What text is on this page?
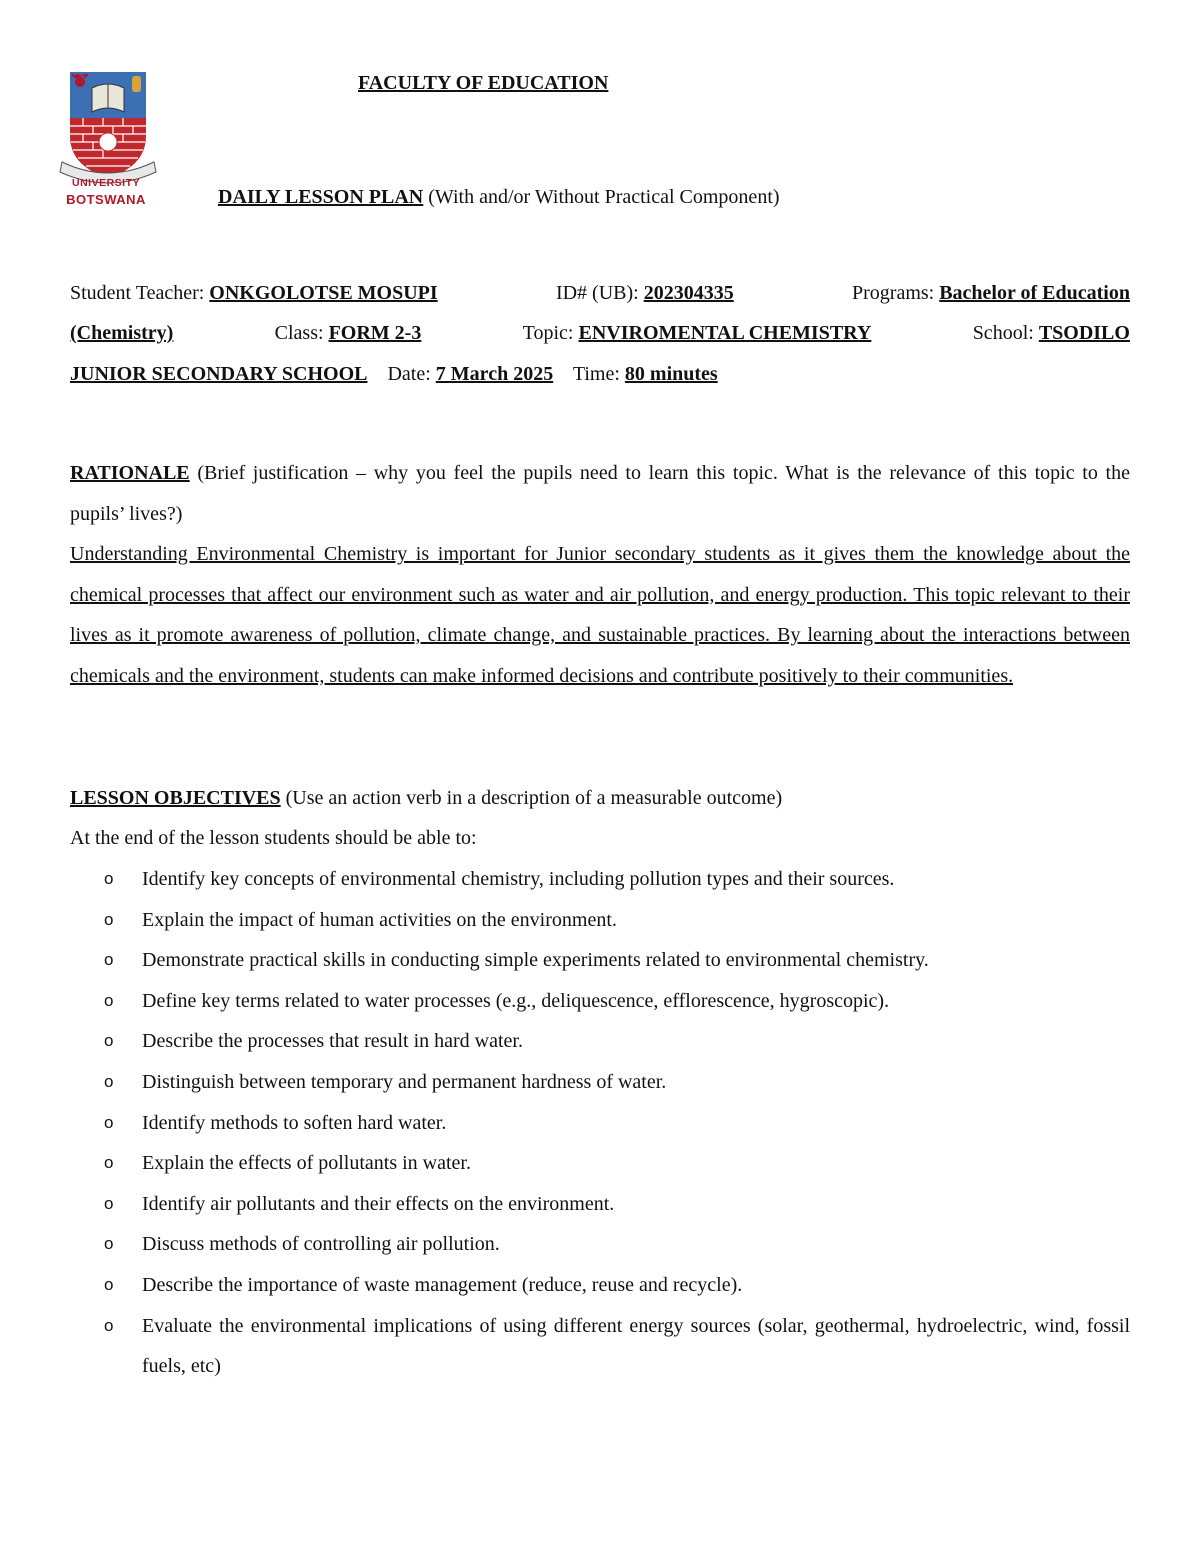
UNIVERSITY
BOTSWANA
FACULTY OF EDUCATION
DAILY LESSON PLAN (With and/or Without Practical Component)
Student Teacher: ONKGOLOTSE MOSUPI	ID# (UB): 202304335	Programs: Bachelor of Education
(Chemistry)	Class: FORM 2-3	Topic: ENVIROMENTAL CHEMISTRY	School: TSODILO
JUNIOR SECONDARY SCHOOL Date: 7 March 2025 Time: 80 minutes
RATIONALE (Brief justification – why you feel the pupils need to learn this topic. What is the relevance of this topic to the pupils’ lives?)
Understanding Environmental Chemistry is important for Junior secondary students as it gives them the knowledge about the chemical processes that affect our environment such as water and air pollution, and energy production. This topic relevant to their lives as it promote awareness of pollution, climate change, and sustainable practices. By learning about the interactions between chemicals and the environment, students can make informed decisions and contribute positively to their communities.
LESSON OBJECTIVES (Use an action verb in a description of a measurable outcome)
At the end of the lesson students should be able to:
o Identify key concepts of environmental chemistry, including pollution types and their sources.
o Explain the impact of human activities on the environment.
o Demonstrate practical skills in conducting simple experiments related to environmental chemistry.
o Define key terms related to water processes (e.g., deliquescence, efflorescence, hygroscopic).
o Describe the processes that result in hard water.
o Distinguish between temporary and permanent hardness of water.
o Identify methods to soften hard water.
o Explain the effects of pollutants in water.
o Identify air pollutants and their effects on the environment.
o Discuss methods of controlling air pollution.
o Describe the importance of waste management (reduce, reuse and recycle).
o Evaluate the environmental implications of using different energy sources (solar, geothermal, hydroelectric, wind, fossil fuels, etc)
